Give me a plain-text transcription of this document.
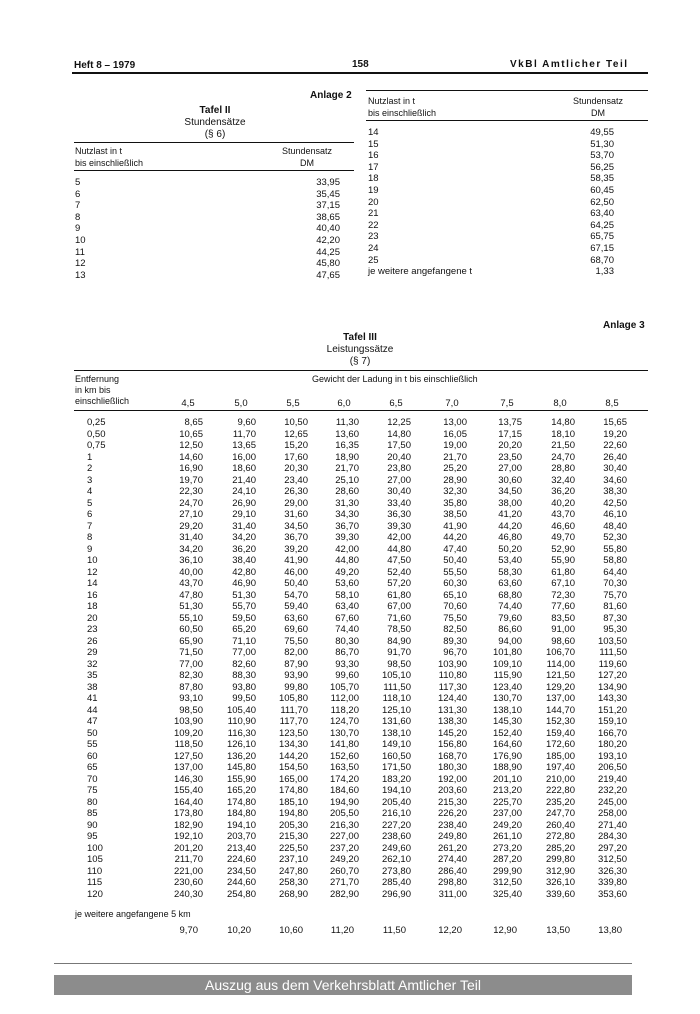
Heft 8 – 1979	158	VkBl Amtlicher Teil
Anlage 2
Tafel II
Stundensätze
(§ 6)
Nutzlast in t
bis einschließlich
Stundensatz
DM
5	33,95
6	35,45
7	37,15
8	38,65
9	40,40
10	42,20
11	44,25
12	45,80
13	47,65
Nutzlast in t
bis einschließlich
Stundensatz
DM
14	49,55
15	51,30
16	53,70
17	56,25
18	58,35
19	60,45
20	62,50
21	63,40
22	64,25
23	65,75
24	67,15
25	68,70
je weitere angefangene t	1,33
Anlage 3
Tafel III
Leistungssätze
(§ 7)
Entfernung
in km bis
einschließlich
Gewicht der Ladung in t bis einschließlich
4,5	5,0	5,5	6,0	6,5	7,0	7,5	8,0	8,5
0,25	8,65	9,60	10,50	11,30	12,25	13,00	13,75	14,80	15,65
0,50	10,65	11,70	12,65	13,60	14,80	16,05	17,15	18,10	19,20
0,75	12,50	13,65	15,20	16,35	17,50	19,00	20,20	21,50	22,60
1	14,60	16,00	17,60	18,90	20,40	21,70	23,50	24,70	26,40
2	16,90	18,60	20,30	21,70	23,80	25,20	27,00	28,80	30,40
3	19,70	21,40	23,40	25,10	27,00	28,90	30,60	32,40	34,60
4	22,30	24,10	26,30	28,60	30,40	32,30	34,50	36,20	38,30
5	24,70	26,90	29,00	31,30	33,40	35,80	38,00	40,20	42,50
6	27,10	29,10	31,60	34,30	36,30	38,50	41,20	43,70	46,10
7	29,20	31,40	34,50	36,70	39,30	41,90	44,20	46,60	48,40
8	31,40	34,20	36,70	39,30	42,00	44,20	46,80	49,70	52,30
9	34,20	36,20	39,20	42,00	44,80	47,40	50,20	52,90	55,80
10	36,10	38,40	41,90	44,80	47,50	50,40	53,40	55,90	58,80
12	40,00	42,80	46,00	49,20	52,40	55,50	58,30	61,80	64,40
14	43,70	46,90	50,40	53,60	57,20	60,30	63,60	67,10	70,30
16	47,80	51,30	54,70	58,10	61,80	65,10	68,80	72,30	75,70
18	51,30	55,70	59,40	63,40	67,00	70,60	74,40	77,60	81,60
20	55,10	59,50	63,60	67,60	71,60	75,50	79,60	83,50	87,30
23	60,50	65,20	69,60	74,40	78,50	82,50	86,60	91,00	95,30
26	65,90	71,10	75,50	80,30	84,90	89,30	94,00	98,60	103,50
29	71,50	77,00	82,00	86,70	91,70	96,70	101,80	106,70	111,50
32	77,00	82,60	87,90	93,30	98,50	103,90	109,10	114,00	119,60
35	82,30	88,30	93,90	99,60	105,10	110,80	115,90	121,50	127,20
38	87,80	93,80	99,80	105,70	111,50	117,30	123,40	129,20	134,90
41	93,10	99,50	105,80	112,00	118,10	124,40	130,70	137,00	143,30
44	98,50	105,40	111,70	118,20	125,10	131,30	138,10	144,70	151,20
47	103,90	110,90	117,70	124,70	131,60	138,30	145,30	152,30	159,10
50	109,20	116,30	123,50	130,70	138,10	145,20	152,40	159,40	166,70
55	118,50	126,10	134,30	141,80	149,10	156,80	164,60	172,60	180,20
60	127,50	136,20	144,20	152,60	160,50	168,70	176,90	185,00	193,10
65	137,00	145,80	154,50	163,50	171,50	180,30	188,90	197,40	206,50
70	146,30	155,90	165,00	174,20	183,20	192,00	201,10	210,00	219,40
75	155,40	165,20	174,80	184,60	194,10	203,60	213,20	222,80	232,20
80	164,40	174,80	185,10	194,90	205,40	215,30	225,70	235,20	245,00
85	173,80	184,80	194,80	205,50	216,10	226,20	237,00	247,70	258,00
90	182,90	194,10	205,30	216,30	227,20	238,40	249,20	260,40	271,40
95	192,10	203,70	215,30	227,00	238,60	249,80	261,10	272,80	284,30
100	201,20	213,40	225,50	237,20	249,60	261,20	273,20	285,20	297,20
105	211,70	224,60	237,10	249,20	262,10	274,40	287,20	299,80	312,50
110	221,00	234,50	247,80	260,70	273,80	286,40	299,90	312,90	326,30
115	230,60	244,60	258,30	271,70	285,40	298,80	312,50	326,10	339,80
120	240,30	254,80	268,90	282,90	296,90	311,00	325,40	339,60	353,60
je weitere angefangene 5 km
9,70	10,20	10,60	11,20	11,50	12,20	12,90	13,50	13,80
Auszug aus dem Verkehrsblatt Amtlicher Teil
